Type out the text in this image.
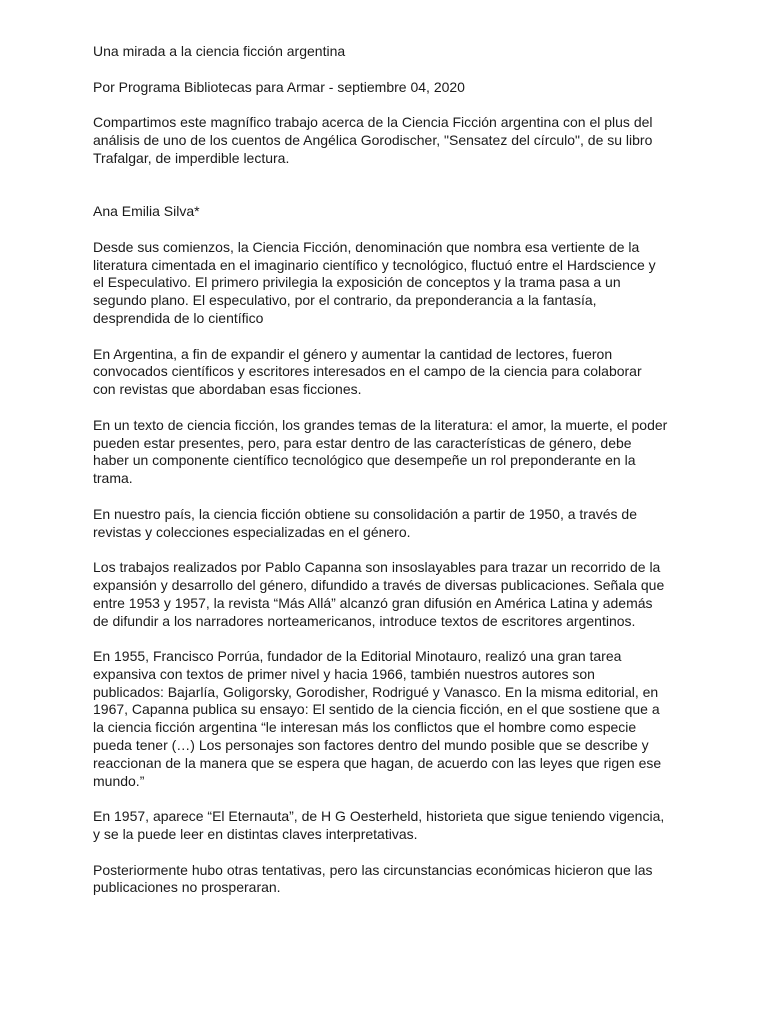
Una mirada a la ciencia ficción argentina

Por Programa Bibliotecas para Armar - septiembre 04, 2020

Compartimos este magnífico trabajo acerca de la Ciencia Ficción argentina con el plus del
análisis de uno de los cuentos de Angélica Gorodischer, "Sensatez del círculo", de su libro
Trafalgar, de imperdible lectura.

Ana Emilia Silva*

Desde sus comienzos, la Ciencia Ficción, denominación que nombra esa vertiente de la
literatura cimentada en el imaginario científico y tecnológico, fluctuó entre el Hardscience y
el Especulativo. El primero privilegia la exposición de conceptos y la trama pasa a un
segundo plano. El especulativo, por el contrario, da preponderancia a la fantasía,
desprendida de lo científico

En Argentina, a fin de expandir el género y aumentar la cantidad de lectores, fueron
convocados científicos y escritores interesados en el campo de la ciencia para colaborar
con revistas que abordaban esas ficciones.

En un texto de ciencia ficción, los grandes temas de la literatura: el amor, la muerte, el poder
pueden estar presentes, pero, para estar dentro de las características de género, debe
haber un componente científico tecnológico que desempeñe un rol preponderante en la
trama.

En nuestro país, la ciencia ficción obtiene su consolidación a partir de 1950, a través de
revistas y colecciones especializadas en el género.

Los trabajos realizados por Pablo Capanna son insoslayables para trazar un recorrido de la
expansión y desarrollo del género, difundido a través de diversas publicaciones. Señala que
entre 1953 y 1957, la revista “Más Allá” alcanzó gran difusión en América Latina y además
de difundir a los narradores norteamericanos, introduce textos de escritores argentinos.

En 1955, Francisco Porrúa, fundador de la Editorial Minotauro, realizó una gran tarea
expansiva con textos de primer nivel y hacia 1966, también nuestros autores son
publicados: Bajarlía, Goligorsky, Gorodisher, Rodrigué y Vanasco. En la misma editorial, en
1967, Capanna publica su ensayo: El sentido de la ciencia ficción, en el que sostiene que a
la ciencia ficción argentina “le interesan más los conflictos que el hombre como especie
pueda tener (…) Los personajes son factores dentro del mundo posible que se describe y
reaccionan de la manera que se espera que hagan, de acuerdo con las leyes que rigen ese
mundo.”

En 1957, aparece “El Eternauta”, de H G Oesterheld, historieta que sigue teniendo vigencia,
y se la puede leer en distintas claves interpretativas.

Posteriormente hubo otras tentativas, pero las circunstancias económicas hicieron que las
publicaciones no prosperaran.
